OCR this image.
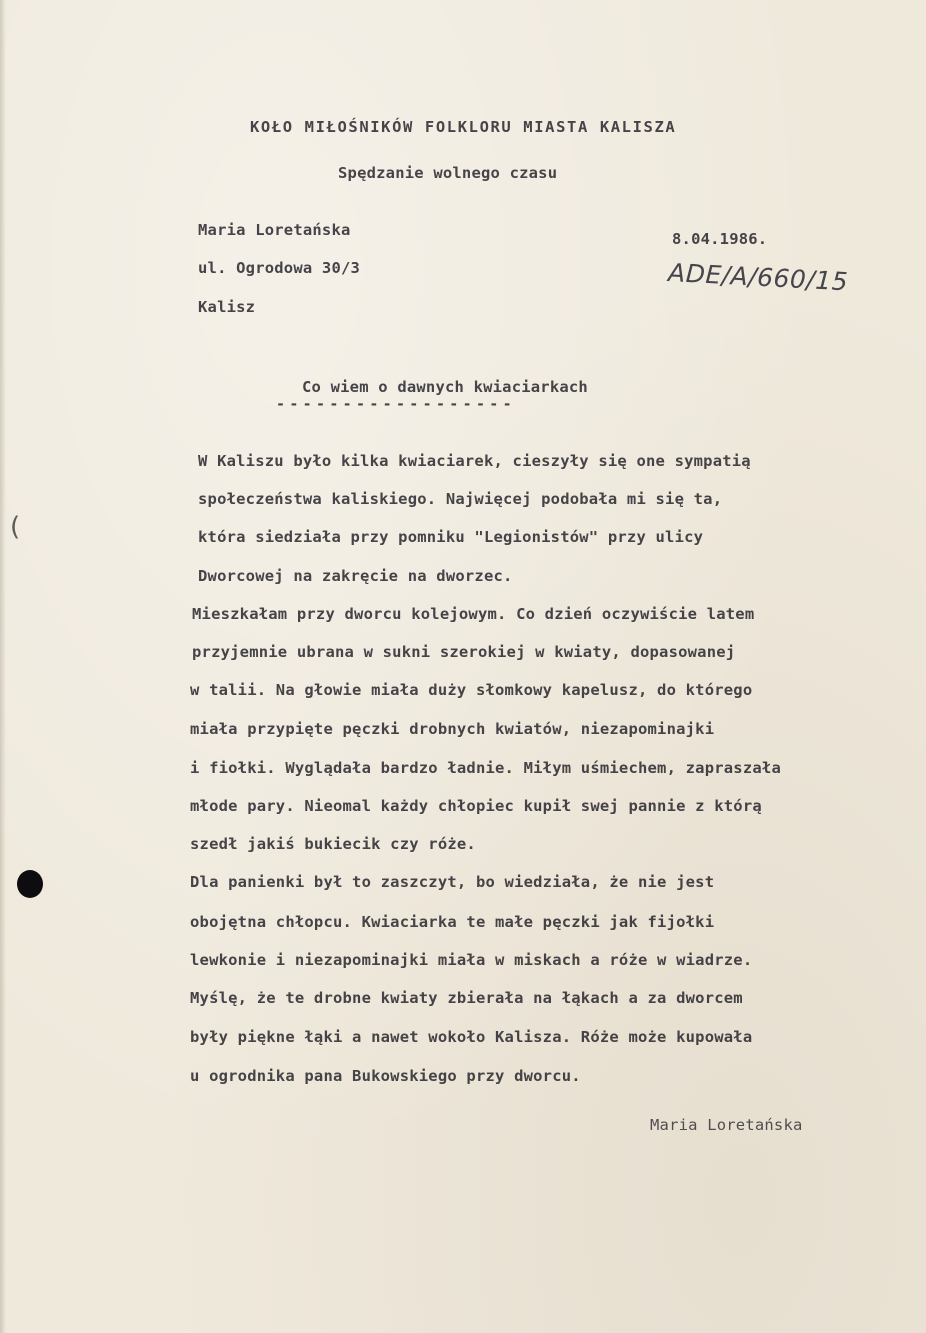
KOŁO MIŁOŚNIKÓW FOLKLORU MIASTA KALISZA
Spędzanie wolnego czasu
Maria Loretańska
ul. Ogrodowa 30/3
Kalisz
8.04.1986.
ADE/A/660/15
Co wiem o dawnych kwiaciarkach
------------------
W Kaliszu było kilka kwiaciarek, cieszyły się one sympatią
społeczeństwa kaliskiego. Najwięcej podobała mi się ta,
która siedziała przy pomniku "Legionistów" przy ulicy
Dworcowej na zakręcie na dworzec.
Mieszkałam przy dworcu kolejowym. Co dzień oczywiście latem
przyjemnie ubrana w sukni szerokiej w kwiaty, dopasowanej
w talii. Na głowie miała duży słomkowy kapelusz, do którego
miała przypięte pęczki drobnych kwiatów, niezapominajki
i fiołki. Wyglądała bardzo ładnie. Miłym uśmiechem, zapraszała
młode pary. Nieomal każdy chłopiec kupił swej pannie z którą
szedł jakiś bukiecik czy róże.
Dla panienki był to zaszczyt, bo wiedziała, że nie jest
obojętna chłopcu. Kwiaciarka te małe pęczki jak fijołki
lewkonie i niezapominajki miała w miskach a róże w wiadrze.
Myślę, że te drobne kwiaty zbierała na łąkach a za dworcem
były piękne łąki a nawet wokoło Kalisza. Róże może kupowała
u ogrodnika pana Bukowskiego przy dworcu.
Maria Loretańska
(
